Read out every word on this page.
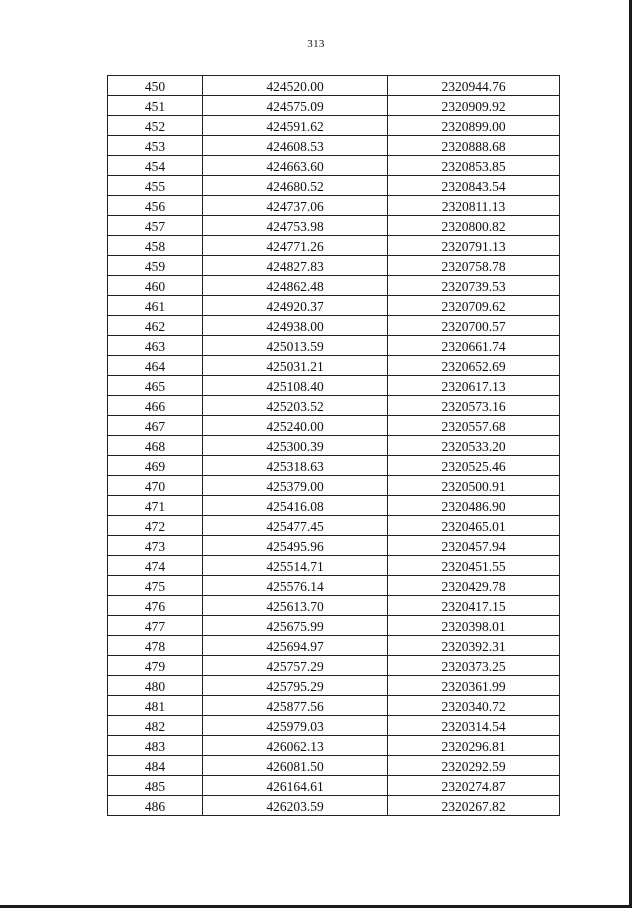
313
450	424520.00	2320944.76
451	424575.09	2320909.92
452	424591.62	2320899.00
453	424608.53	2320888.68
454	424663.60	2320853.85
455	424680.52	2320843.54
456	424737.06	2320811.13
457	424753.98	2320800.82
458	424771.26	2320791.13
459	424827.83	2320758.78
460	424862.48	2320739.53
461	424920.37	2320709.62
462	424938.00	2320700.57
463	425013.59	2320661.74
464	425031.21	2320652.69
465	425108.40	2320617.13
466	425203.52	2320573.16
467	425240.00	2320557.68
468	425300.39	2320533.20
469	425318.63	2320525.46
470	425379.00	2320500.91
471	425416.08	2320486.90
472	425477.45	2320465.01
473	425495.96	2320457.94
474	425514.71	2320451.55
475	425576.14	2320429.78
476	425613.70	2320417.15
477	425675.99	2320398.01
478	425694.97	2320392.31
479	425757.29	2320373.25
480	425795.29	2320361.99
481	425877.56	2320340.72
482	425979.03	2320314.54
483	426062.13	2320296.81
484	426081.50	2320292.59
485	426164.61	2320274.87
486	426203.59	2320267.82
